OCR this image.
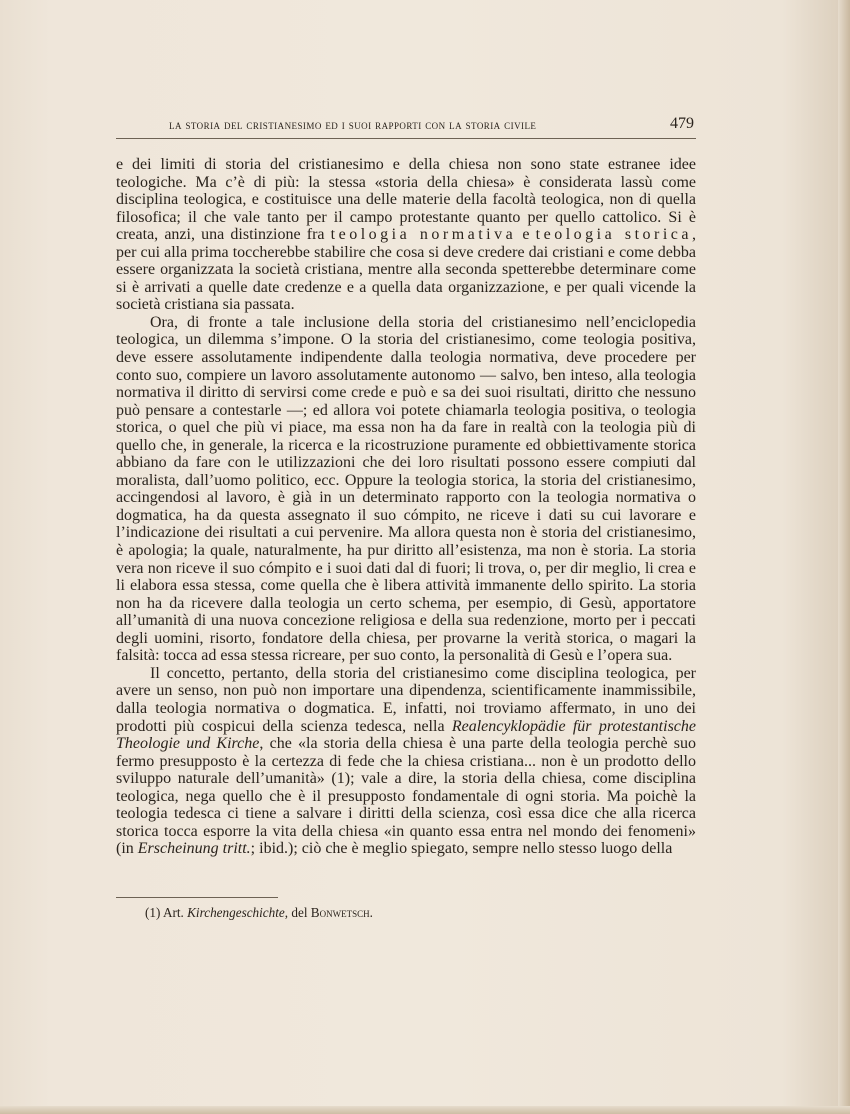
la storia del cristianesimo ed i suoi rapporti con la storia civile	479

e dei limiti di storia del cristianesimo e della chiesa non sono state estranee idee teologiche. Ma c’è di più: la stessa «storia della chiesa» è considerata lassù come disciplina teologica, e costituisce una delle materie della facoltà teologica, non di quella filosofica; il che vale tanto per il campo protestante quanto per quello cattolico. Si è creata, anzi, una distinzione fra teologia normativa e teologia storica, per cui alla prima toccherebbe stabilire che cosa si deve credere dai cristiani e come debba essere organizzata la società cristiana, mentre alla seconda spetterebbe determinare come si è arrivati a quelle date credenze e a quella data organizzazione, e per quali vicende la società cristiana sia passata.

Ora, di fronte a tale inclusione della storia del cristianesimo nell’enciclopedia teologica, un dilemma s’impone. O la storia del cristianesimo, come teologia positiva, deve essere assolutamente indipendente dalla teologia normativa, deve procedere per conto suo, compiere un lavoro assolutamente autonomo — salvo, ben inteso, alla teologia normativa il diritto di servirsi come crede e può e sa dei suoi risultati, diritto che nessuno può pensare a contestarle —; ed allora voi potete chiamarla teologia positiva, o teologia storica, o quel che più vi piace, ma essa non ha da fare in realtà con la teologia più di quello che, in generale, la ricerca e la ricostruzione puramente ed obbiettivamente storica abbiano da fare con le utilizzazioni che dei loro risultati possono essere compiuti dal moralista, dall’uomo politico, ecc. Oppure la teologia storica, la storia del cristianesimo, accingendosi al lavoro, è già in un determinato rapporto con la teologia normativa o dogmatica, ha da questa assegnato il suo cómpito, ne riceve i dati su cui lavorare e l’indicazione dei risultati a cui pervenire. Ma allora questa non è storia del cristianesimo, è apologia; la quale, naturalmente, ha pur diritto all’esistenza, ma non è storia. La storia vera non riceve il suo cómpito e i suoi dati dal di fuori; li trova, o, per dir meglio, li crea e li elabora essa stessa, come quella che è libera attività immanente dello spirito. La storia non ha da ricevere dalla teologia un certo schema, per esempio, di Gesù, apportatore all’umanità di una nuova concezione religiosa e della sua redenzione, morto per i peccati degli uomini, risorto, fondatore della chiesa, per provarne la verità storica, o magari la falsità: tocca ad essa stessa ricreare, per suo conto, la personalità di Gesù e l’opera sua.

Il concetto, pertanto, della storia del cristianesimo come disciplina teologica, per avere un senso, non può non importare una dipendenza, scientificamente inammissibile, dalla teologia normativa o dogmatica. E, infatti, noi troviamo affermato, in uno dei prodotti più cospicui della scienza tedesca, nella Realencyklopädie für protestantische Theologie und Kirche, che «la storia della chiesa è una parte della teologia perchè suo fermo presupposto è la certezza di fede che la chiesa cristiana... non è un prodotto dello sviluppo naturale dell’umanità» (1); vale a dire, la storia della chiesa, come disciplina teologica, nega quello che è il presupposto fondamentale di ogni storia. Ma poichè la teologia tedesca ci tiene a salvare i diritti della scienza, così essa dice che alla ricerca storica tocca esporre la vita della chiesa «in quanto essa entra nel mondo dei fenomeni» (in Erscheinung tritt.; ibid.); ciò che è meglio spiegato, sempre nello stesso luogo della

(1) Art. Kirchengeschichte, del Bonwetsch.
